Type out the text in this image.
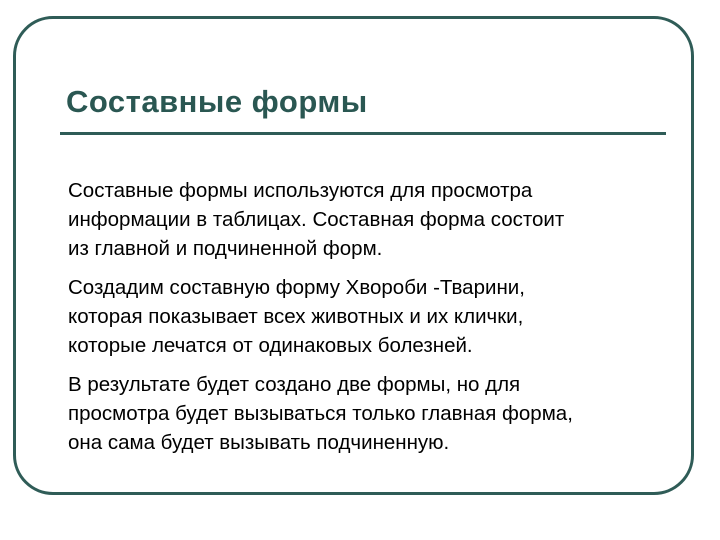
Составные формы

Составные формы используются для просмотра
информации в таблицах. Составная форма состоит
из главной и подчиненной форм.

Создадим составную форму Хвороби -Тварини,
которая показывает всех животных и их клички,
которые лечатся от одинаковых болезней.

В результате будет создано две формы, но для
просмотра будет вызываться только главная форма,
она сама будет вызывать подчиненную.
